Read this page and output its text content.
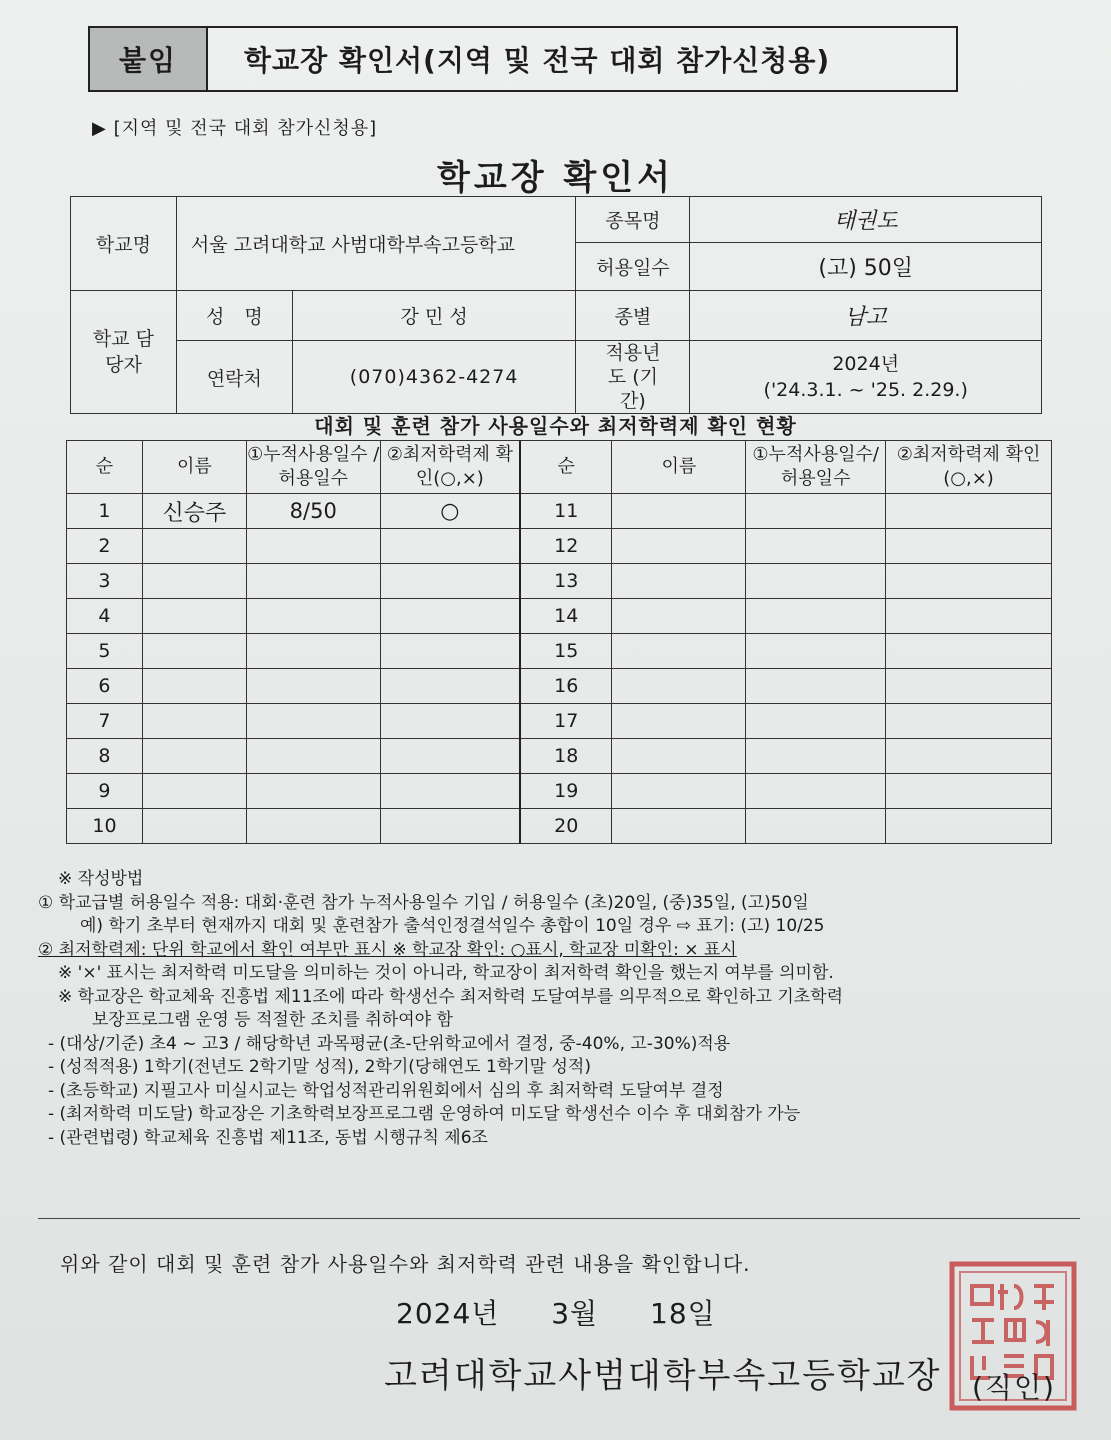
붙임	학교장 확인서(지역 및 전국 대회 참가신청용)
▶ [지역 및 전국 대회 참가신청용]
학교장 확인서
학교명	서울 고려대학교 사범대학부속고등학교		종목명	태권도
			허용일수	(고) 50일
학교 담당자	성 명	강 민 성	종별	남고
	연락처	(070)4362-4274	적용년도 (기간)	2024년
('24.3.1. ~ '25. 2.29.)
대회 및 훈련 참가 사용일수와 최저학력제 확인 현황
순	이름	①누적사용일수 /허용일수	②최저학력제 확인(○,×)	순	이름	①누적사용일수/ 허용일수	②최저학력제 확인(○,×)
1	신승주	8/50	○	11			
2				12			
3				13			
4				14			
5				15			
6				16			
7				17			
8				18			
9				19			
10				20			
※ 작성방법
① 학교급별 허용일수 적용: 대회·훈련 참가 누적사용일수 기입 / 허용일수 (초)20일, (중)35일, (고)50일
예) 학기 초부터 현재까지 대회 및 훈련참가 출석인정결석일수 총합이 10일 경우 ⇨ 표기: (고) 10/25
② 최저학력제: 단위 학교에서 확인 여부만 표시 ※ 학교장 확인: ○표시, 학교장 미확인: × 표시
※ '×' 표시는 최저학력 미도달을 의미하는 것이 아니라, 학교장이 최저학력 확인을 했는지 여부를 의미함.
※ 학교장은 학교체육 진흥법 제11조에 따라 학생선수 최저학력 도달여부를 의무적으로 확인하고 기초학력
보장프로그램 운영 등 적절한 조치를 취하여야 함
- (대상/기준) 초4 ~ 고3 / 해당학년 과목평균(초-단위학교에서 결정, 중-40%, 고-30%)적용
- (성적적용) 1학기(전년도 2학기말 성적), 2학기(당해연도 1학기말 성적)
- (초등학교) 지필고사 미실시교는 학업성적관리위원회에서 심의 후 최저학력 도달여부 결정
- (최저학력 미도달) 학교장은 기초학력보장프로그램 운영하여 미도달 학생선수 이수 후 대회참가 가능
- (관련법령) 학교체육 진흥법 제11조, 동법 시행규칙 제6조
위와 같이 대회 및 훈련 참가 사용일수와 최저학력 관련 내용을 확인합니다.
2024년 3월 18일
고려대학교사범대학부속고등학교장 (직인)
